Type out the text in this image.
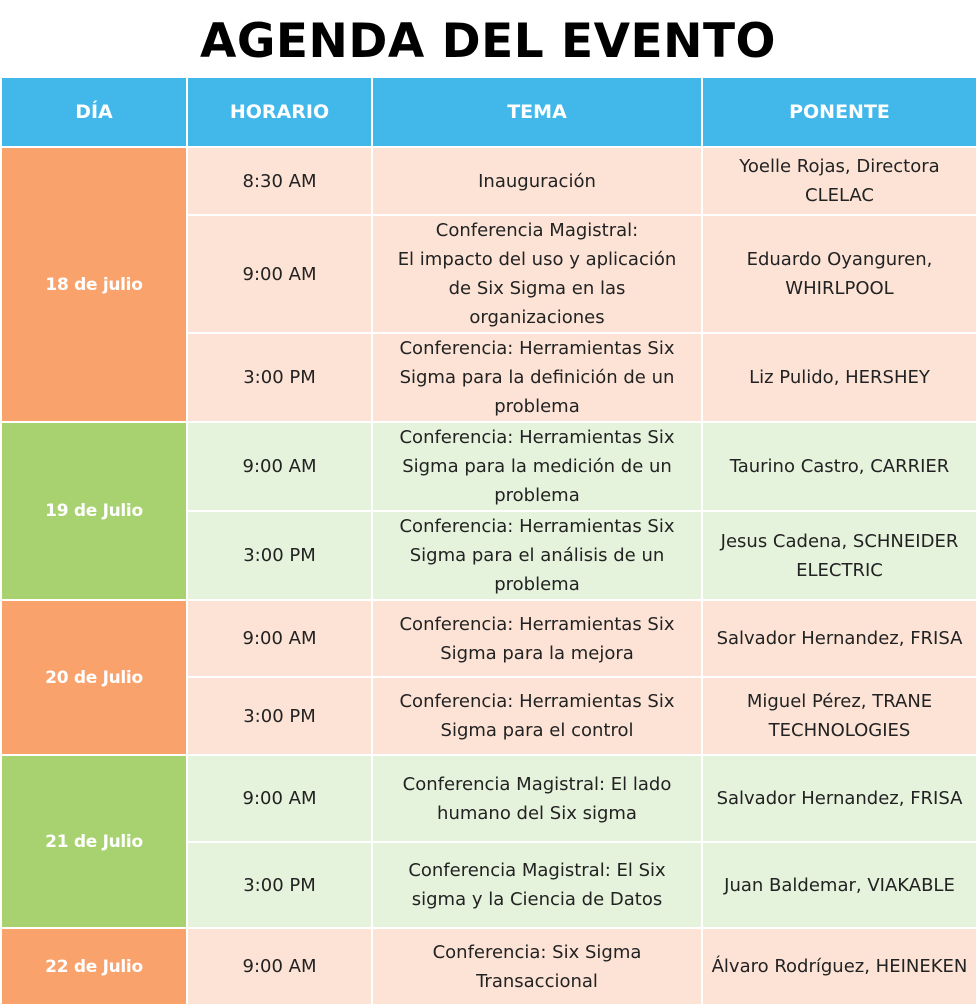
AGENDA DEL EVENTO
DÍA	HORARIO	TEMA	PONENTE
18 de julio	8:30 AM	Inauguración	Yoelle Rojas, Directora
CLELAC

	9:00 AM	Conferencia Magistral:
El impacto del uso y aplicación
de Six Sigma en las
organizaciones	Eduardo Oyanguren,
WHIRLPOOL

	3:00 PM	Conferencia: Herramientas Six
Sigma para la definición de un
problema	Liz Pulido, HERSHEY

19 de Julio	9:00 AM	Conferencia: Herramientas Six
Sigma para la medición de un
problema	Taurino Castro, CARRIER

	3:00 PM	Conferencia: Herramientas Six
Sigma para el análisis de un
problema	Jesus Cadena, SCHNEIDER
ELECTRIC

20 de Julio	9:00 AM	Conferencia: Herramientas Six
Sigma para la mejora	Salvador Hernandez, FRISA

	3:00 PM	Conferencia: Herramientas Six
Sigma para el control	Miguel Pérez, TRANE
TECHNOLOGIES

21 de Julio	9:00 AM	Conferencia Magistral: El lado
humano del Six sigma	Salvador Hernandez, FRISA

	3:00 PM	Conferencia Magistral: El Six
sigma y la Ciencia de Datos	Juan Baldemar, VIAKABLE

22 de Julio	9:00 AM	Conferencia: Six Sigma
Transaccional	Álvaro Rodríguez, HEINEKEN
